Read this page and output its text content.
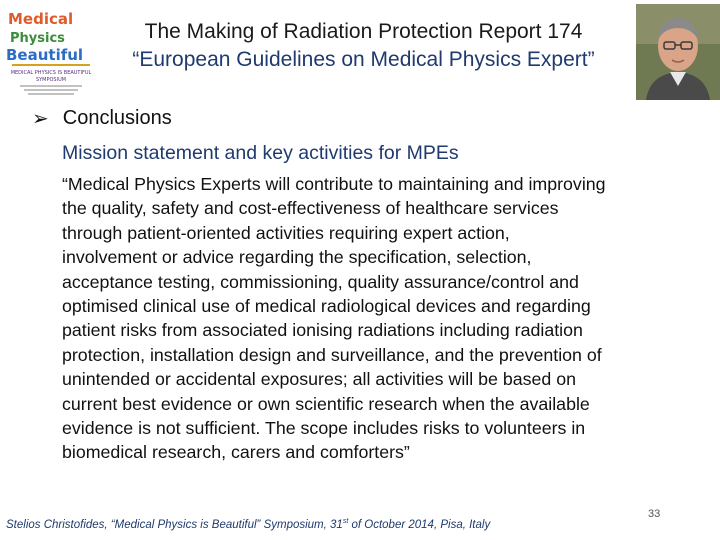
Medical
Physics
Beautiful
MEDICAL PHYSICS IS BEAUTIFUL
SYMPOSIUM
The Making of Radiation Protection Report 174
“European Guidelines on Medical Physics Expert”
➢ Conclusions
Mission statement and key activities for MPEs
“Medical Physics Experts will contribute to maintaining and improving
the quality, safety and cost-effectiveness of healthcare services
through patient-oriented activities requiring expert action,
involvement or advice regarding the specification, selection,
acceptance testing, commissioning, quality assurance/control and
optimised clinical use of medical radiological devices and regarding
patient risks from associated ionising radiations including radiation
protection, installation design and surveillance, and the prevention of
unintended or accidental exposures; all activities will be based on
current best evidence or own scientific research when the available
evidence is not sufficient. The scope includes risks to volunteers in
biomedical research, carers and comforters”
Stelios Christofides, “Medical Physics is Beautiful” Symposium, 31st of October 2014, Pisa, Italy
33
